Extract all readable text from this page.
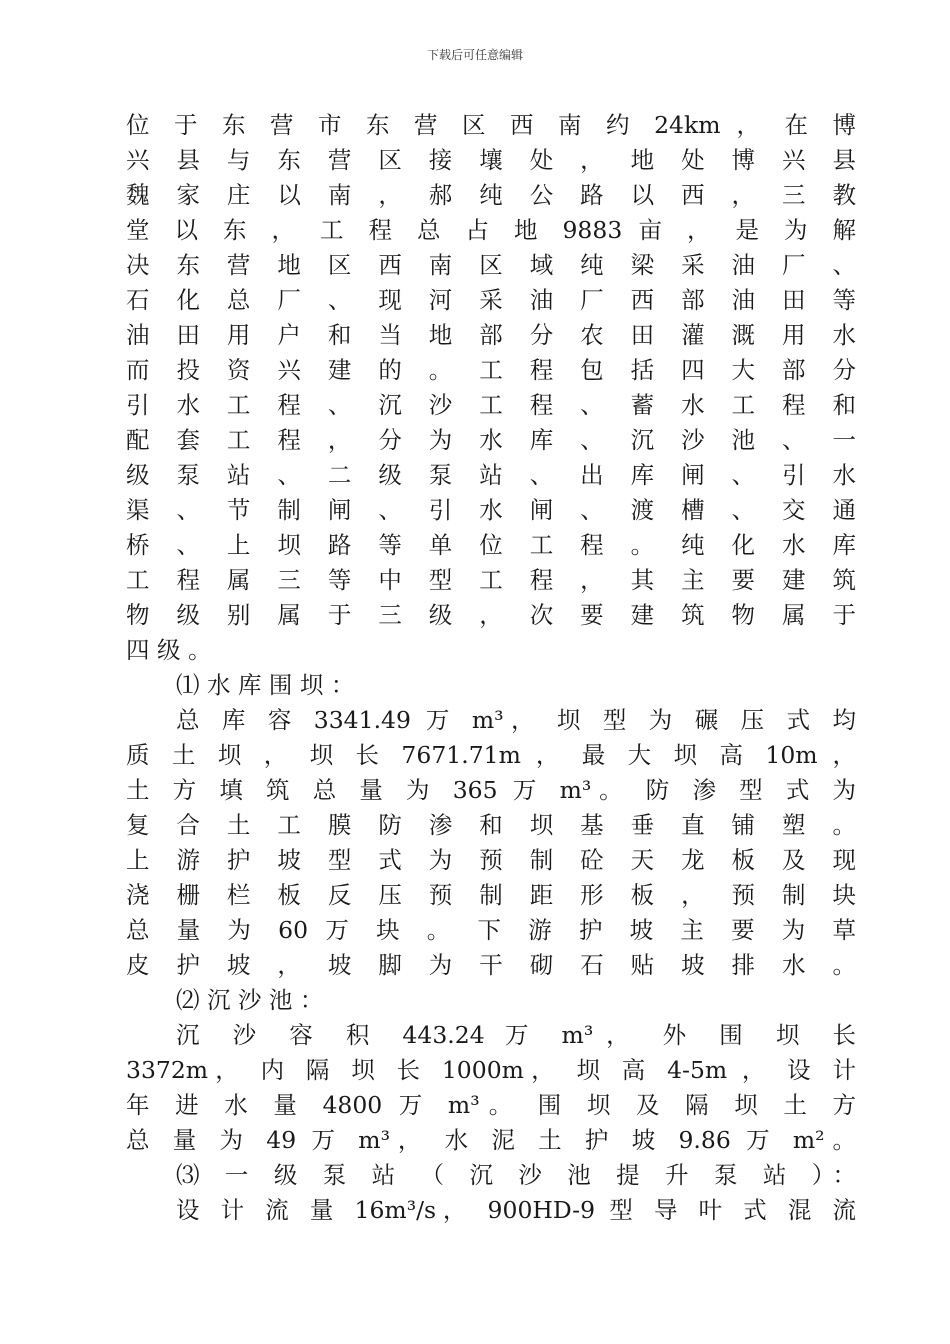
下载后可任意编辑
位 于 东 营 市 东 营 区 西 南 约 24km ， 在 博
兴 县 与 东 营 区 接 壤 处 ， 地 处 博 兴 县
魏 家 庄 以 南 ， 郝 纯 公 路 以 西 ， 三 教
堂 以 东 ， 工 程 总 占 地 9883 亩 ， 是 为 解
决 东 营 地 区 西 南 区 域 纯 梁 采 油 厂 、
石 化 总 厂 、 现 河 采 油 厂 西 部 油 田 等
油 田 用 户 和 当 地 部 分 农 田 灌 溉 用 水
而 投 资 兴 建 的 。 工 程 包 括 四 大 部 分
引 水 工 程 、 沉 沙 工 程 、 蓄 水 工 程 和
配 套 工 程 ， 分 为 水 库 、 沉 沙 池 、 一
级 泵 站 、 二 级 泵 站 、 出 库 闸 、 引 水
渠 、 节 制 闸 、 引 水 闸 、 渡 槽 、 交 通
桥 、 上 坝 路 等 单 位 工 程 。 纯 化 水 库
工 程 属 三 等 中 型 工 程 ， 其 主 要 建 筑
物 级 别 属 于 三 级 ， 次 要 建 筑 物 属 于
四 级 。
⑴ 水 库 围 坝 ：
总 库 容 3341.49 万 m³， 坝 型 为 碾 压 式 均
质 土 坝 ， 坝 长 7671.71m ， 最 大 坝 高 10m ，
土 方 填 筑 总 量 为 365 万 m³。 防 渗 型 式 为
复 合 土 工 膜 防 渗 和 坝 基 垂 直 铺 塑 。
上 游 护 坡 型 式 为 预 制 砼 天 龙 板 及 现
浇 栅 栏 板 反 压 预 制 距 形 板 ， 预 制 块
总 量 为 60 万 块 。 下 游 护 坡 主 要 为 草
皮 护 坡 ， 坡 脚 为 干 砌 石 贴 坡 排 水 。
⑵ 沉 沙 池 ：
沉 沙 容 积 443.24 万 m³， 外 围 坝 长
3372m， 内 隔 坝 长 1000m， 坝 高 4-5m ， 设 计
年 进 水 量 4800 万 m³。 围 坝 及 隔 坝 土 方
总 量 为 49 万 m³， 水 泥 土 护 坡 9.86 万 m²。
⑶ 一 级 泵 站 （ 沉 沙 池 提 升 泵 站 ）：
设 计 流 量 16m³/s， 900HD-9 型 导 叶 式 混 流
